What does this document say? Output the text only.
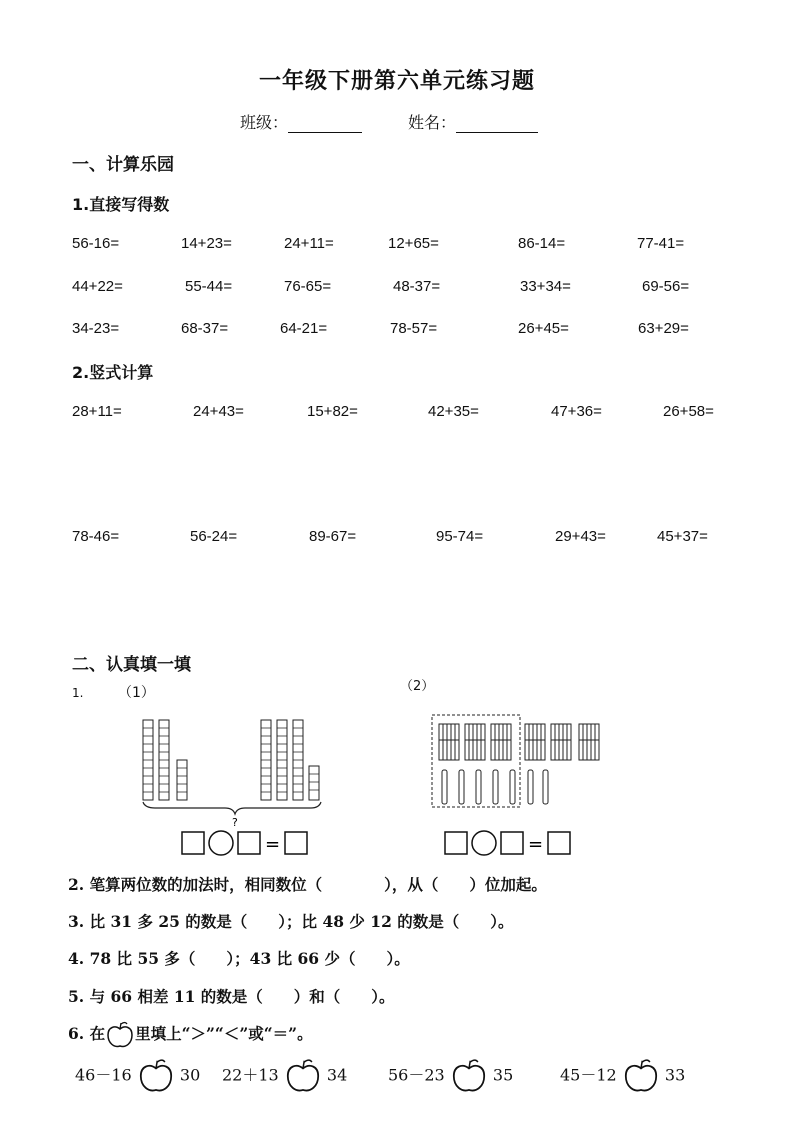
一年级下册第六单元练习题
班级：	姓名：
一、计算乐园
1.直接写得数
56-16=	14+23=	24+11=	12+65=	86-14=	77-41=
44+22=	55-44=	76-65=	48-37=	33+34=	69-56=
34-23=	68-37=	64-21=	78-57=	26+45=	63+29=
2.竖式计算
28+11=	24+43=	15+82=	42+35=	47+36=	26+58=
78-46=	56-24=	89-67=	95-74=	29+43=	45+37=
二、认真填一填
1. （1）	（2）
?
=	=
2. 笔算两位数的加法时，相同数位（　　　　），从（　　）位加起。
3. 比 31 多 25 的数是（　　）；比 48 少 12 的数是（　　）。
4. 78 比 55 多（　　）；43 比 66 少（　　）。
5. 与 66 相差 11 的数是（　　）和（　　）。
6. 在 里填上“＞”“＜”或“＝”。
46－16	30 22＋13	34	56－23	35	45－12	33
